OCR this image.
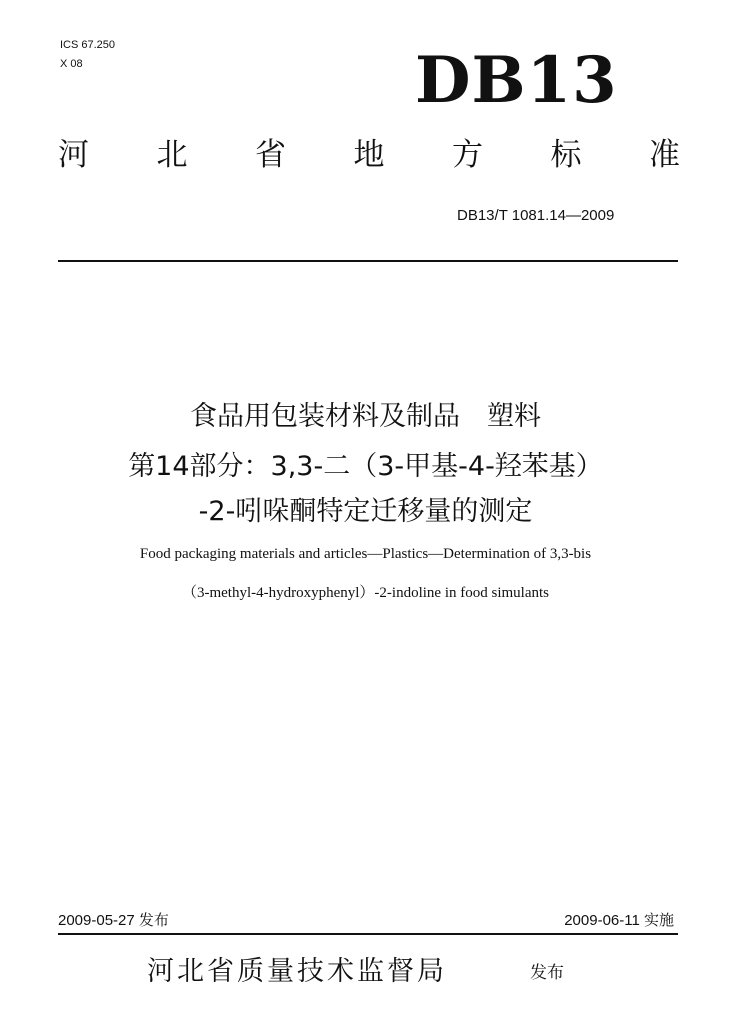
ICS 67.250
X 08	DB13
河 北 省 地 方 标 准
DB13/T 1081.14—2009
食品用包装材料及制品　塑料
第14部分：3,3-二（3-甲基-4-羟苯基）
-2-吲哚酮特定迁移量的测定
Food packaging materials and articles—Plastics—Determination of 3,3-bis
（3-methyl-4-hydroxyphenyl）-2-indoline in food simulants
2009-05-27 发布	2009-06-11 实施
河北省质量技术监督局	发布
